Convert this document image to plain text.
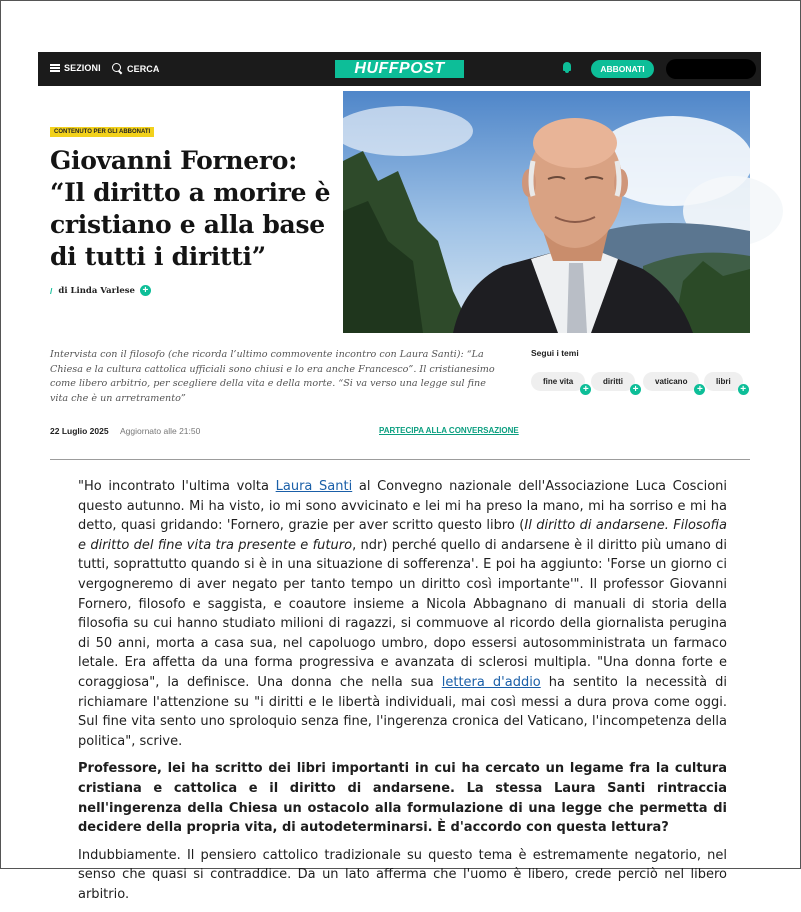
SEZIONI	CERCA	HUFFPOST	ABBONATI
CONTENUTO PER GLI ABBONATI
Giovanni Fornero: “Il diritto a morire è cristiano e alla base di tutti i diritti”
/ di Linda Varlese +

Intervista con il filosofo (che ricorda l’ultimo commovente incontro con Laura Santi): “La Chiesa e la cultura cattolica ufficiali sono chiusi e lo era anche Francesco”. Il cristianesimo come libero arbitrio, per scegliere della vita e della morte. “Si va verso una legge sul fine vita che è un arretramento”

22 Luglio 2025 Aggiornato alle 21:50	PARTECIPA ALLA CONVERSAZIONE
Segui i temi
fine vita
+
diritti
+
vaticano
+
libri
+

"Ho incontrato l'ultima volta Laura Santi al Convegno nazionale dell'Associazione Luca Coscioni questo autunno. Mi ha visto, io mi sono avvicinato e lei mi ha preso la mano, mi ha sorriso e mi ha detto, quasi gridando: 'Fornero, grazie per aver scritto questo libro (Il diritto di andarsene. Filosofia e diritto del fine vita tra presente e futuro, ndr) perché quello di andarsene è il diritto più umano di tutti, soprattutto quando si è in una situazione di sofferenza'. E poi ha aggiunto: 'Forse un giorno ci vergogneremo di aver negato per tanto tempo un diritto così importante'". Il professor Giovanni Fornero, filosofo e saggista, e coautore insieme a Nicola Abbagnano di manuali di storia della filosofia su cui hanno studiato milioni di ragazzi, si commuove al ricordo della giornalista perugina di 50 anni, morta a casa sua, nel capoluogo umbro, dopo essersi autosomministrata un farmaco letale. Era affetta da una forma progressiva e avanzata di sclerosi multipla. "Una donna forte e coraggiosa", la definisce. Una donna che nella sua lettera d'addio ha sentito la necessità di richiamare l'attenzione su "i diritti e le libertà individuali, mai così messi a dura prova come oggi. Sul fine vita sento uno sproloquio senza fine, l'ingerenza cronica del Vaticano, l'incompetenza della politica", scrive.

Professore, lei ha scritto dei libri importanti in cui ha cercato un legame fra la cultura cristiana e cattolica e il diritto di andarsene. La stessa Laura Santi rintraccia nell'ingerenza della Chiesa un ostacolo alla formulazione di una legge che permetta di decidere della propria vita, di autodeterminarsi. È d'accordo con questa lettura?

Indubbiamente. Il pensiero cattolico tradizionale su questo tema è estremamente negatorio, nel senso che quasi si contraddice. Da un lato afferma che l'uomo è libero, crede perciò nel libero arbitrio.
